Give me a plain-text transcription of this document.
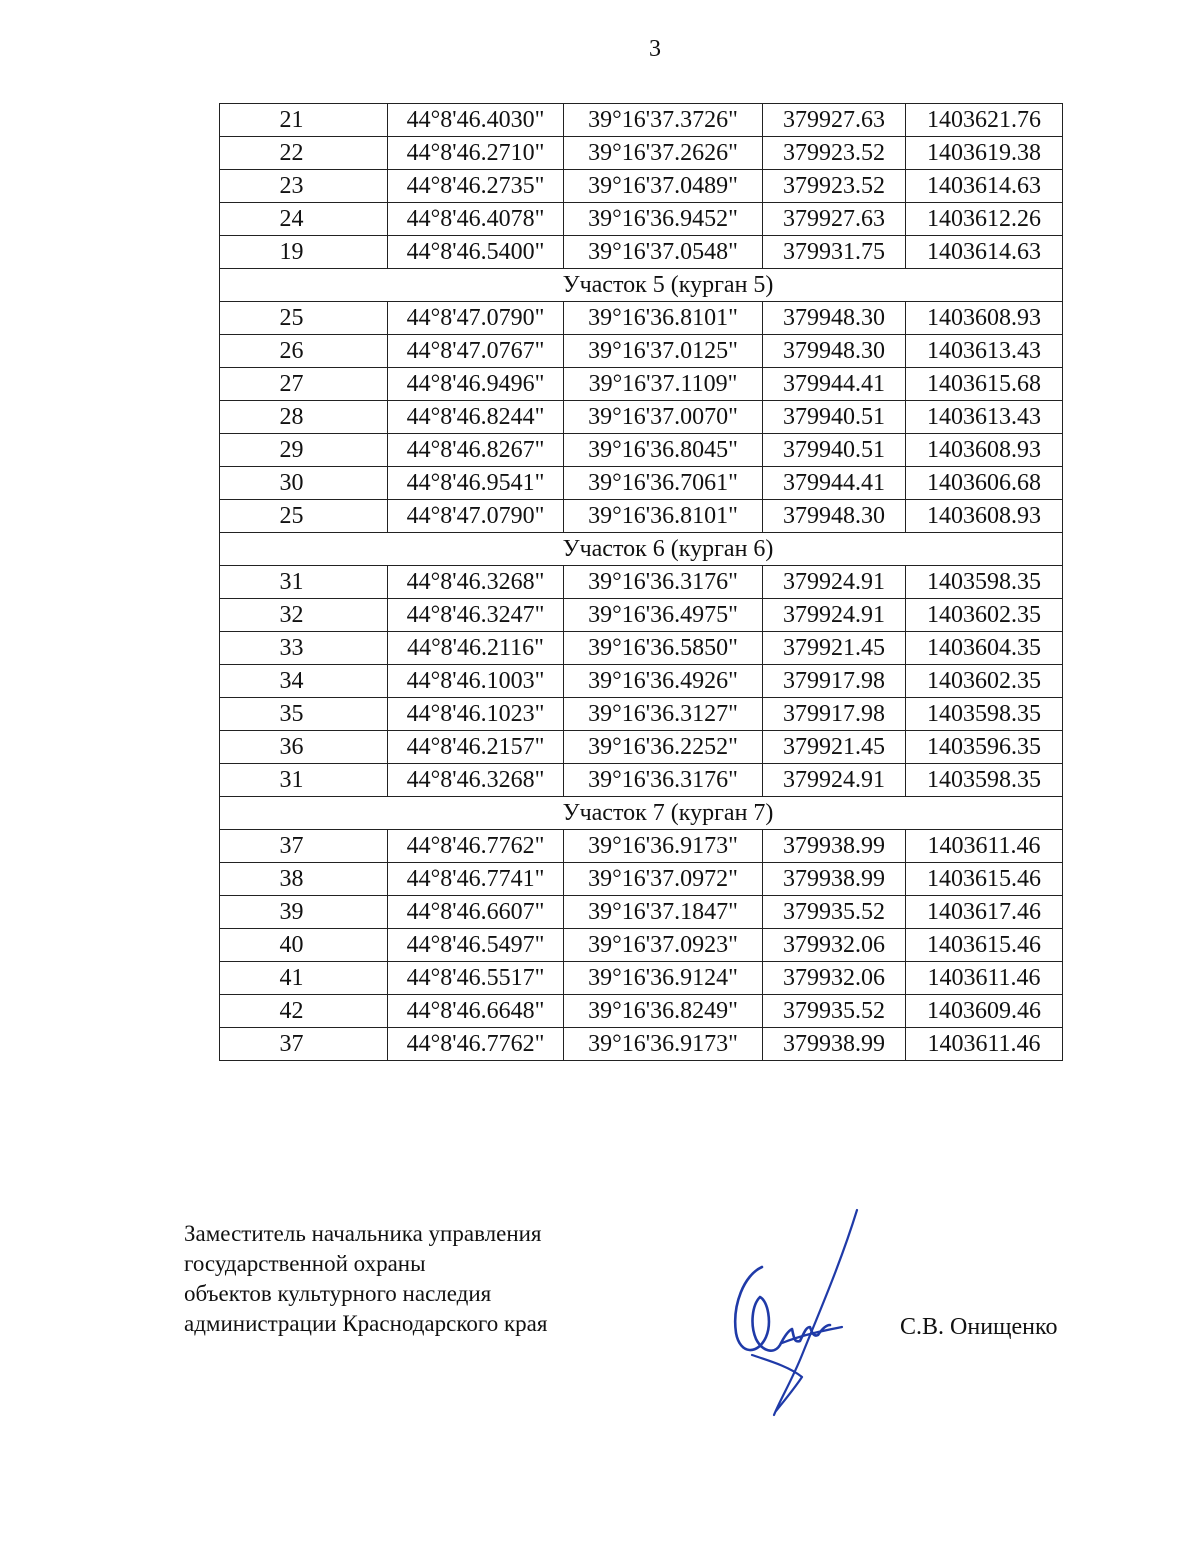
3
21	44°8'46.4030"	39°16'37.3726"	379927.63	1403621.76
22	44°8'46.2710"	39°16'37.2626"	379923.52	1403619.38
23	44°8'46.2735"	39°16'37.0489"	379923.52	1403614.63
24	44°8'46.4078"	39°16'36.9452"	379927.63	1403612.26
19	44°8'46.5400"	39°16'37.0548"	379931.75	1403614.63
Участок 5 (курган 5)				
25	44°8'47.0790"	39°16'36.8101"	379948.30	1403608.93
26	44°8'47.0767"	39°16'37.0125"	379948.30	1403613.43
27	44°8'46.9496"	39°16'37.1109"	379944.41	1403615.68
28	44°8'46.8244"	39°16'37.0070"	379940.51	1403613.43
29	44°8'46.8267"	39°16'36.8045"	379940.51	1403608.93
30	44°8'46.9541"	39°16'36.7061"	379944.41	1403606.68
25	44°8'47.0790"	39°16'36.8101"	379948.30	1403608.93
Участок 6 (курган 6)				
31	44°8'46.3268"	39°16'36.3176"	379924.91	1403598.35
32	44°8'46.3247"	39°16'36.4975"	379924.91	1403602.35
33	44°8'46.2116"	39°16'36.5850"	379921.45	1403604.35
34	44°8'46.1003"	39°16'36.4926"	379917.98	1403602.35
35	44°8'46.1023"	39°16'36.3127"	379917.98	1403598.35
36	44°8'46.2157"	39°16'36.2252"	379921.45	1403596.35
31	44°8'46.3268"	39°16'36.3176"	379924.91	1403598.35
Участок 7 (курган 7)				
37	44°8'46.7762"	39°16'36.9173"	379938.99	1403611.46
38	44°8'46.7741"	39°16'37.0972"	379938.99	1403615.46
39	44°8'46.6607"	39°16'37.1847"	379935.52	1403617.46
40	44°8'46.5497"	39°16'37.0923"	379932.06	1403615.46
41	44°8'46.5517"	39°16'36.9124"	379932.06	1403611.46
42	44°8'46.6648"	39°16'36.8249"	379935.52	1403609.46
37	44°8'46.7762"	39°16'36.9173"	379938.99	1403611.46
Заместитель начальника управления
государственной охраны
объектов культурного наследия
администрации Краснодарского края	С.В. Онищенко
